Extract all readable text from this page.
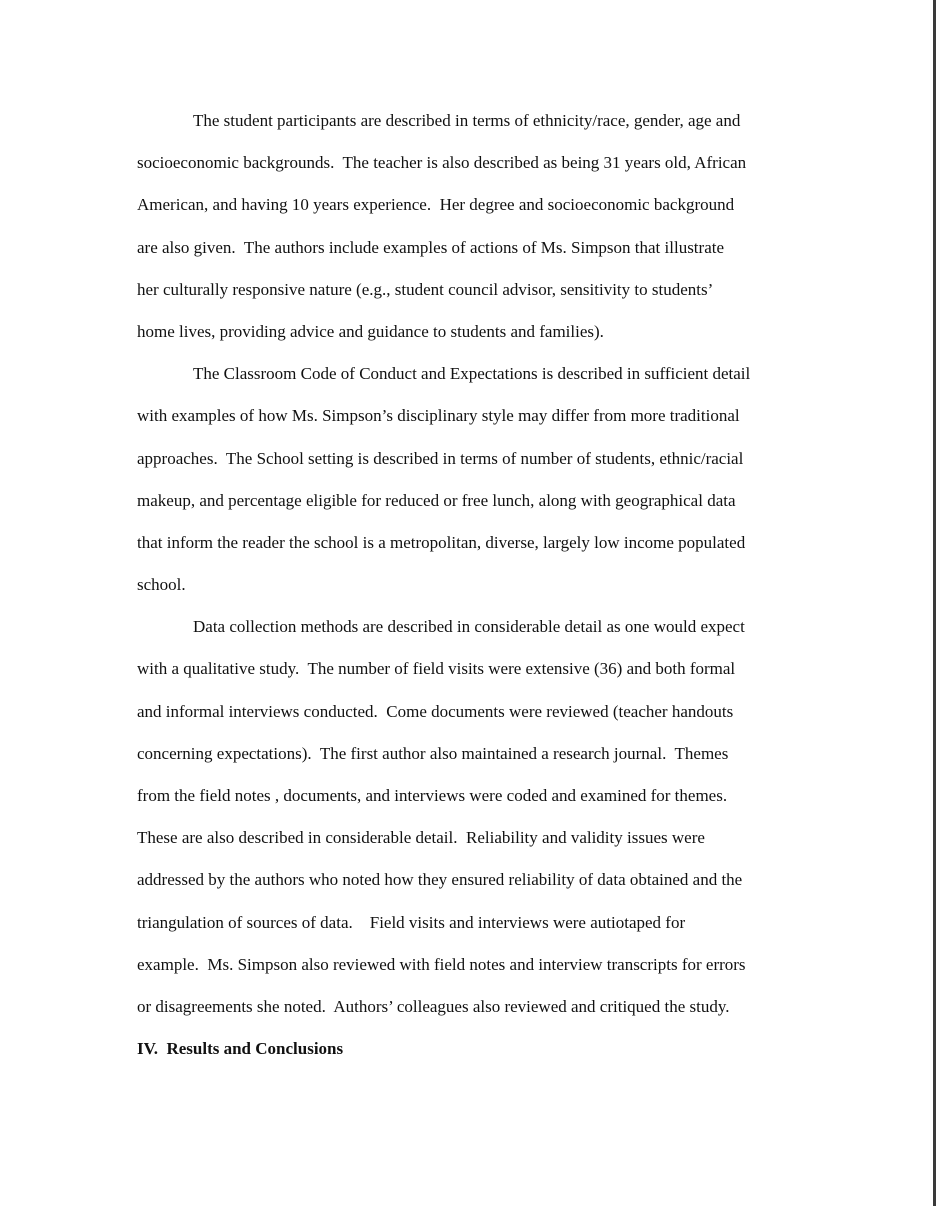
The student participants are described in terms of ethnicity/race, gender, age and
socioeconomic backgrounds.  The teacher is also described as being 31 years old, African
American, and having 10 years experience.  Her degree and socioeconomic background
are also given.  The authors include examples of actions of Ms. Simpson that illustrate
her culturally responsive nature (e.g., student council advisor, sensitivity to students’
home lives, providing advice and guidance to students and families).
The Classroom Code of Conduct and Expectations is described in sufficient detail
with examples of how Ms. Simpson’s disciplinary style may differ from more traditional
approaches.  The School setting is described in terms of number of students, ethnic/racial
makeup, and percentage eligible for reduced or free lunch, along with geographical data
that inform the reader the school is a metropolitan, diverse, largely low income populated
school.
Data collection methods are described in considerable detail as one would expect
with a qualitative study.  The number of field visits were extensive (36) and both formal
and informal interviews conducted.  Come documents were reviewed (teacher handouts
concerning expectations).  The first author also maintained a research journal.  Themes
from the field notes , documents, and interviews were coded and examined for themes.
These are also described in considerable detail.  Reliability and validity issues were
addressed by the authors who noted how they ensured reliability of data obtained and the
triangulation of sources of data.    Field visits and interviews were autiotaped for
example.  Ms. Simpson also reviewed with field notes and interview transcripts for errors
or disagreements she noted.  Authors’ colleagues also reviewed and critiqued the study.
IV.  Results and Conclusions
